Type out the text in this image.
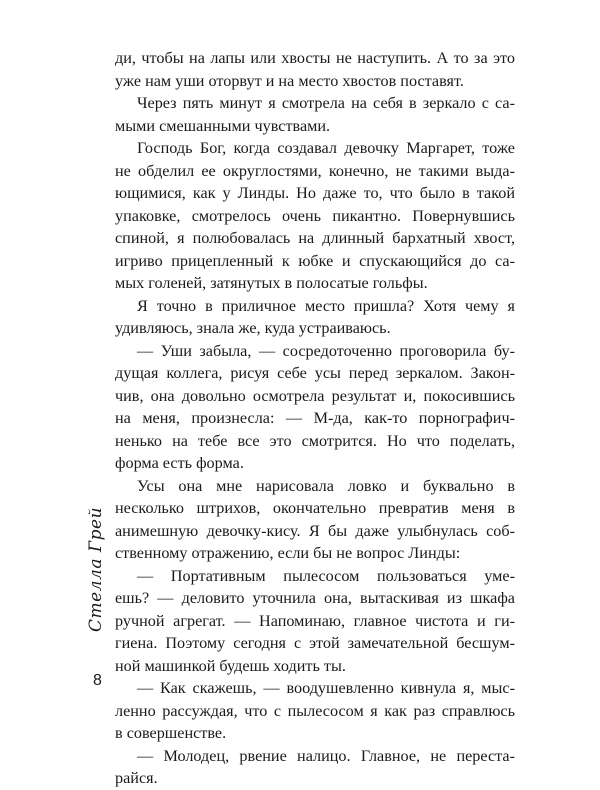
ди, чтобы на лапы или хвосты не наступить. А то за это
уже нам уши оторвут и на место хвостов поставят.
Через пять минут я смотрела на себя в зеркало с са-
мыми смешанными чувствами.
Господь Бог, когда создавал девочку Маргарет, тоже
не обделил ее округлостями, конечно, не такими выда-
ющимися, как у Линды. Но даже то, что было в такой
упаковке, смотрелось очень пикантно. Повернувшись
спиной, я полюбовалась на длинный бархатный хвост,
игриво прицепленный к юбке и спускающийся до са-
мых голеней, затянутых в полосатые гольфы.
Я точно в приличное место пришла? Хотя чему я
удивляюсь, знала же, куда устраиваюсь.
— Уши забыла, — сосредоточенно проговорила бу-
дущая коллега, рисуя себе усы перед зеркалом. Закон-
чив, она довольно осмотрела результат и, покосившись
на меня, произнесла: — М-да, как-то порнографич-
ненько на тебе все это смотрится. Но что поделать,
форма есть форма.
Усы она мне нарисовала ловко и буквально в
несколько штрихов, окончательно превратив меня в
анимешную девочку-кису. Я бы даже улыбнулась соб-
ственному отражению, если бы не вопрос Линды:
— Портативным пылесосом пользоваться уме-
ешь? — деловито уточнила она, вытаскивая из шкафа
ручной агрегат. — Напоминаю, главное чистота и ги-
гиена. Поэтому сегодня с этой замечательной бесшум-
ной машинкой будешь ходить ты.
— Как скажешь, — воодушевленно кивнула я, мыс-
ленно рассуждая, что с пылесосом я как раз справлюсь
в совершенстве.
— Молодец, рвение налицо. Главное, не переста-
райся.
Стелла Грей
8
